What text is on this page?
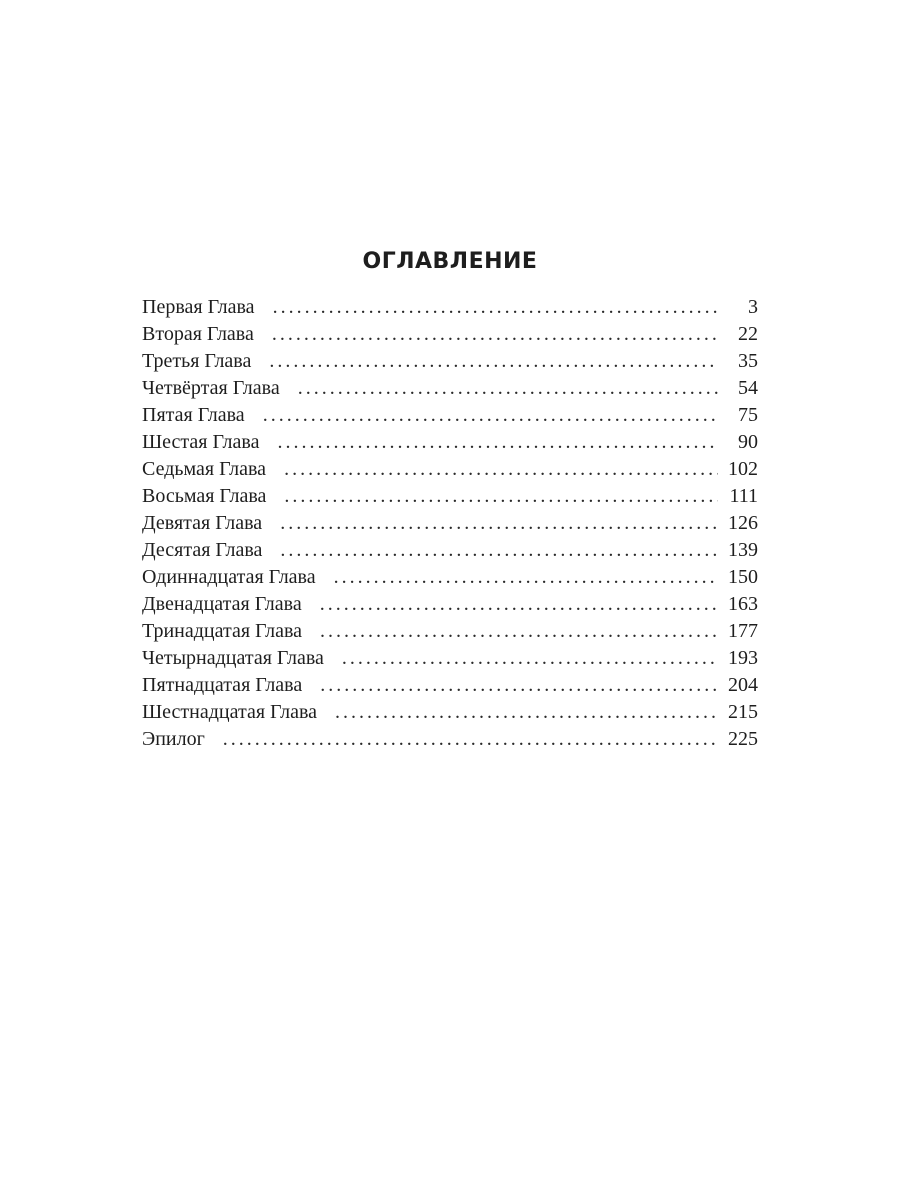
ОГЛАВЛЕНИЕ
Первая Глава . . .	3
Вторая Глава . . .	22
Третья Глава . . .	35
Четвёртая Глава . . .	54
Пятая Глава . . .	75
Шестая Глава . . .	90
Седьмая Глава . . .	102
Восьмая Глава . . .	111
Девятая Глава . . .	126
Десятая Глава . . .	139
Одиннадцатая Глава . . .	150
Двенадцатая Глава . . .	163
Тринадцатая Глава . . .	177
Четырнадцатая Глава . . .	193
Пятнадцатая Глава . . .	204
Шестнадцатая Глава . . .	215
Эпилог . . .	225
